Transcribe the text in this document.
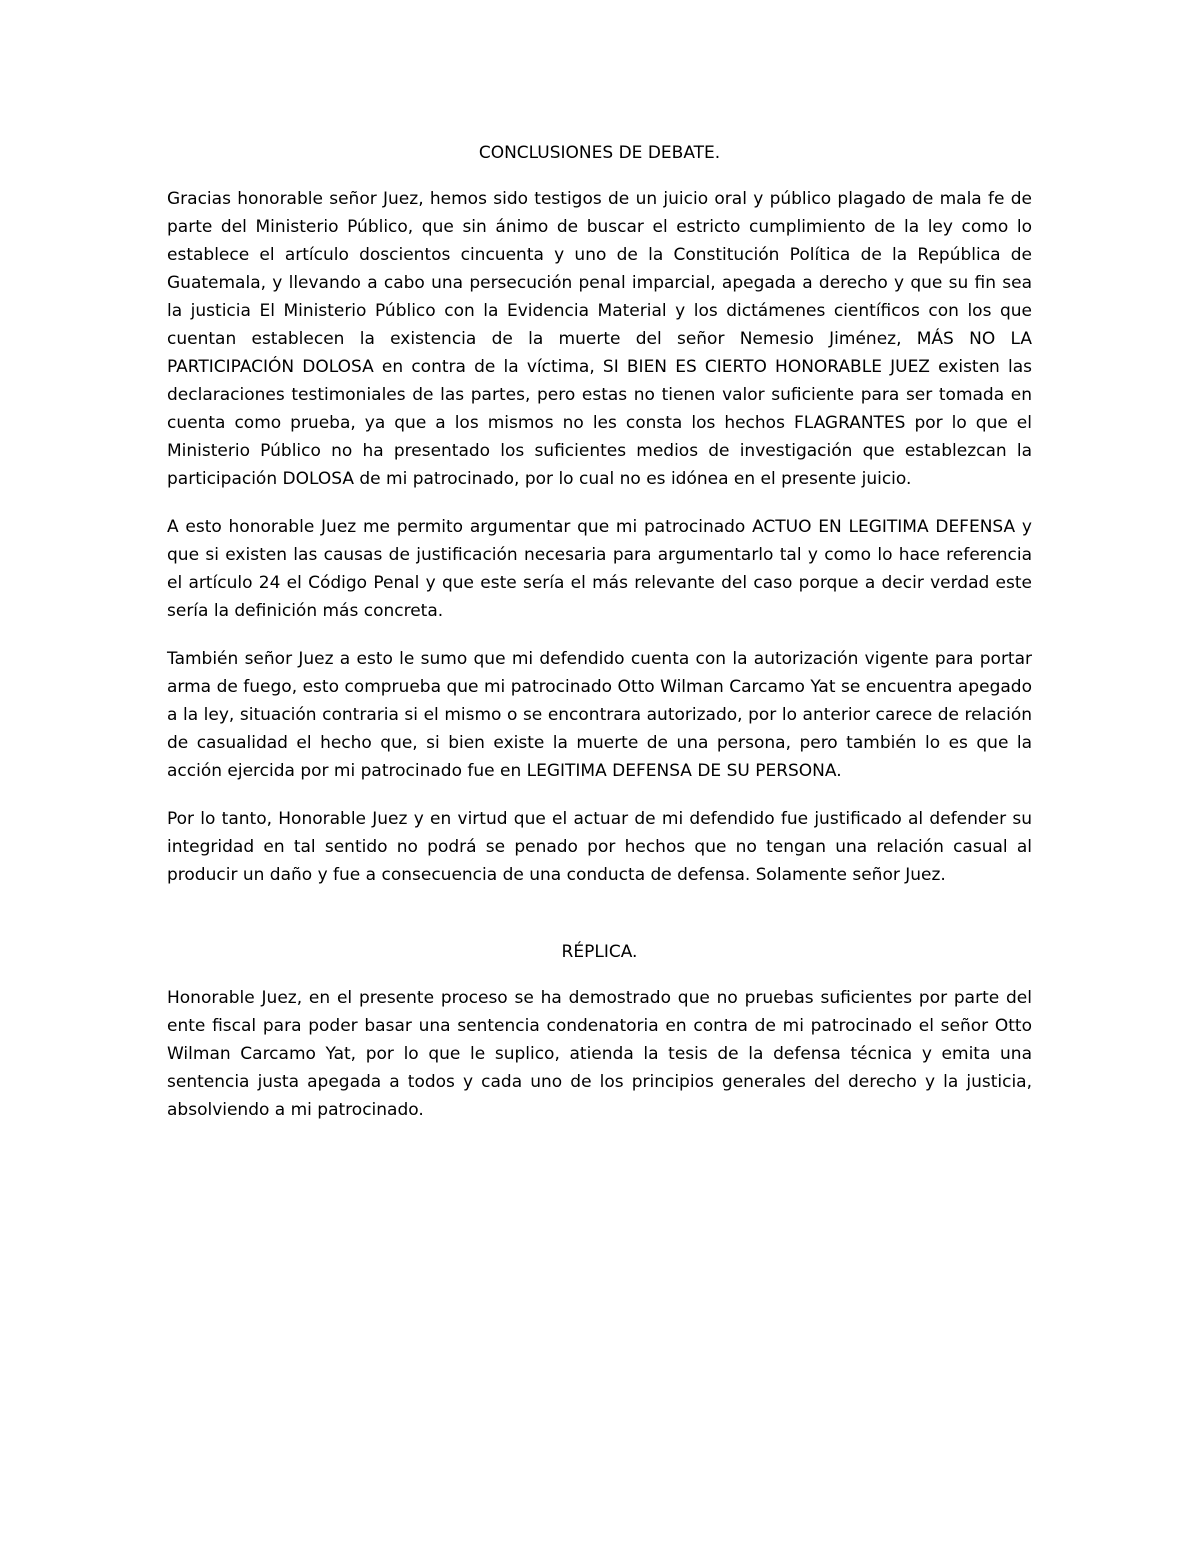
CONCLUSIONES DE DEBATE.

Gracias honorable señor Juez, hemos sido testigos de un juicio oral y público plagado de mala fe de parte del Ministerio Público, que sin ánimo de buscar el estricto cumplimiento de la ley como lo establece el artículo doscientos cincuenta y uno de la Constitución Política de la República de Guatemala, y llevando a cabo una persecución penal imparcial, apegada a derecho y que su fin sea la justicia El Ministerio Público con la Evidencia Material y los dictámenes científicos con los que cuentan establecen la existencia de la muerte del señor Nemesio Jiménez, MÁS NO LA PARTICIPACIÓN DOLOSA en contra de la víctima, SI BIEN ES CIERTO HONORABLE JUEZ existen las declaraciones testimoniales de las partes, pero estas no tienen valor suficiente para ser tomada en cuenta como prueba, ya que a los mismos no les consta los hechos FLAGRANTES por lo que el Ministerio Público no ha presentado los suficientes medios de investigación que establezcan la participación DOLOSA de mi patrocinado, por lo cual no es idónea en el presente juicio.

A esto honorable Juez me permito argumentar que mi patrocinado ACTUO EN LEGITIMA DEFENSA y que si existen las causas de justificación necesaria para argumentarlo tal y como lo hace referencia el artículo 24 el Código Penal y que este sería el más relevante del caso porque a decir verdad este sería la definición más concreta.

También señor Juez a esto le sumo que mi defendido cuenta con la autorización vigente para portar arma de fuego, esto comprueba que mi patrocinado Otto Wilman Carcamo Yat se encuentra apegado a la ley, situación contraria si el mismo o se encontrara autorizado, por lo anterior carece de relación de casualidad el hecho que, si bien existe la muerte de una persona, pero también lo es que la acción ejercida por mi patrocinado fue en LEGITIMA DEFENSA DE SU PERSONA.

Por lo tanto, Honorable Juez y en virtud que el actuar de mi defendido fue justificado al defender su integridad en tal sentido no podrá se penado por hechos que no tengan una relación casual al producir un daño y fue a consecuencia de una conducta de defensa. Solamente señor Juez.

RÉPLICA.

Honorable Juez, en el presente proceso se ha demostrado que no pruebas suficientes por parte del ente fiscal para poder basar una sentencia condenatoria en contra de mi patrocinado el señor Otto Wilman Carcamo Yat, por lo que le suplico, atienda la tesis de la defensa técnica y emita una sentencia justa apegada a todos y cada uno de los principios generales del derecho y la justicia, absolviendo a mi patrocinado.
